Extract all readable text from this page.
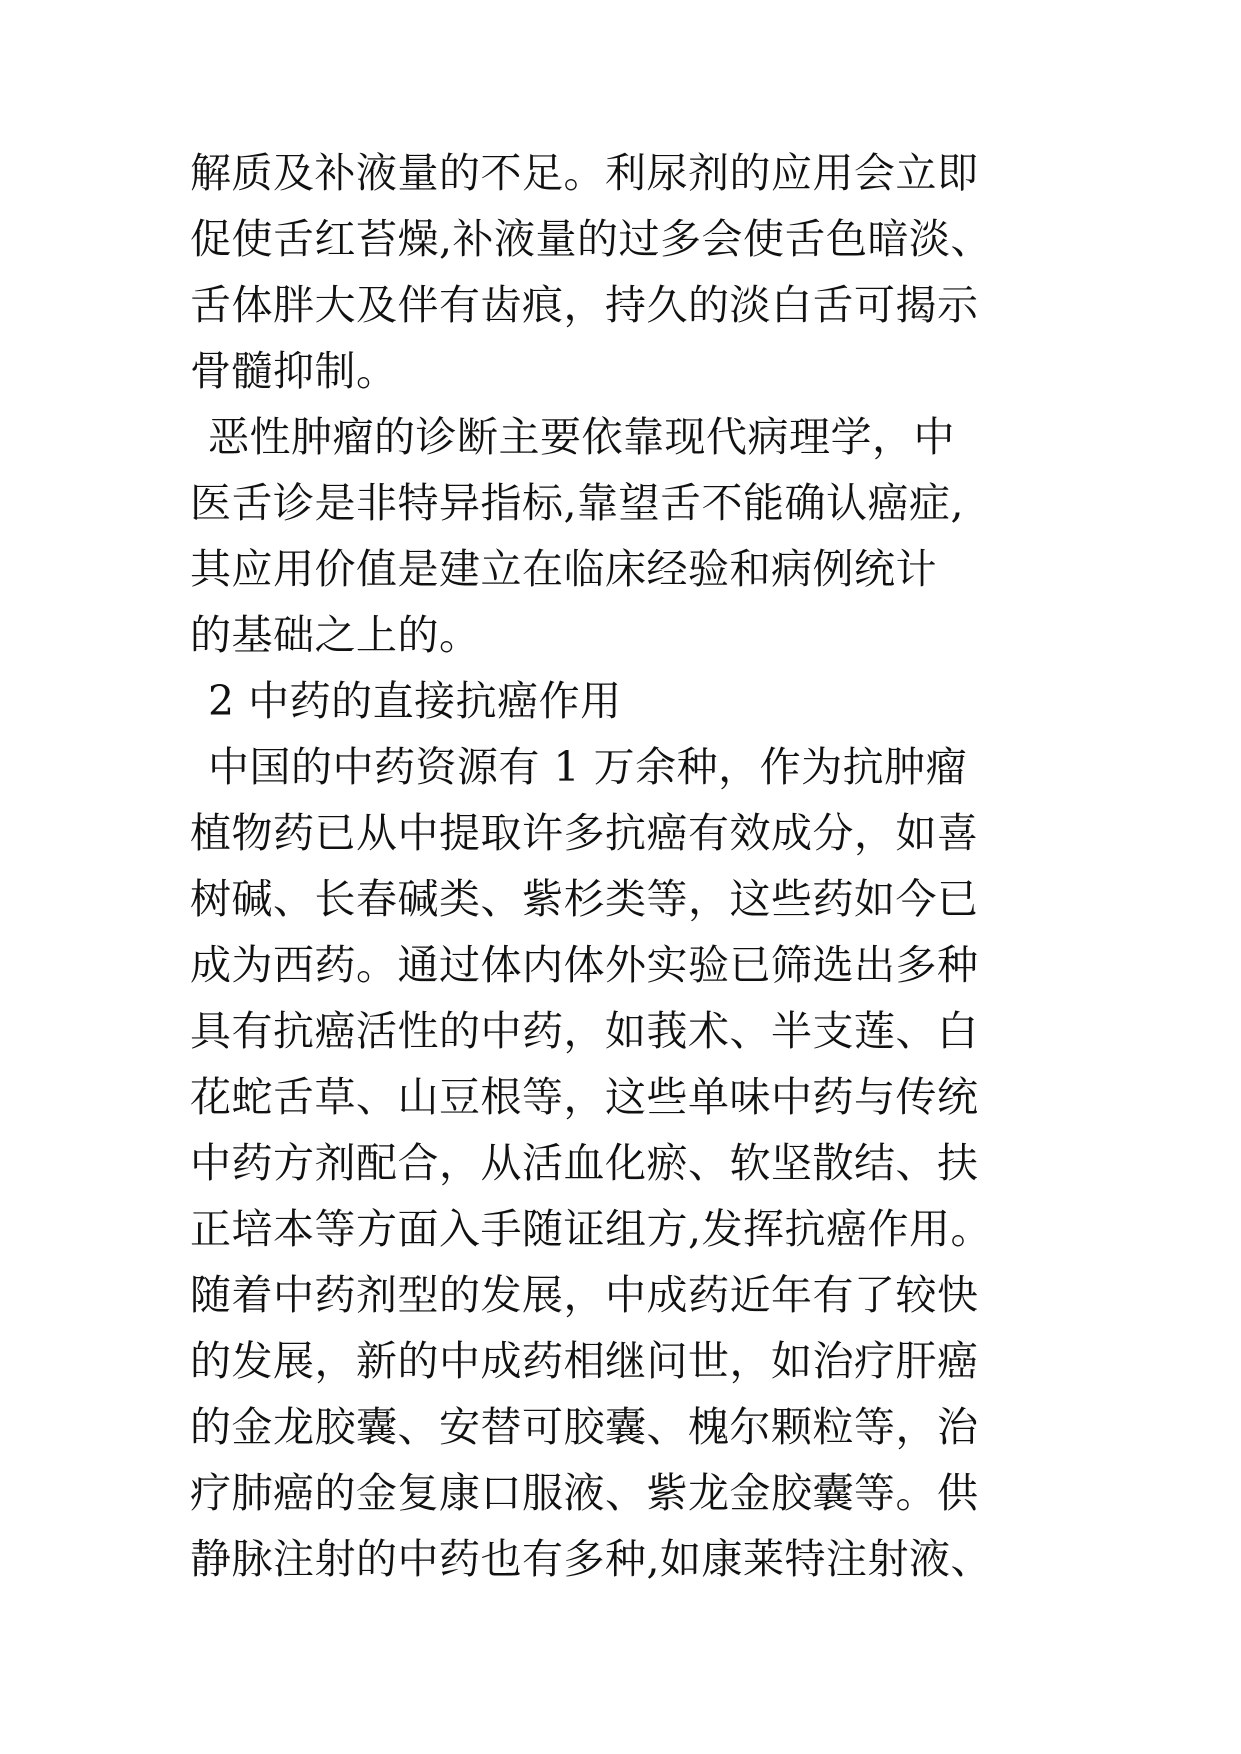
解质及补液量的不足。利尿剂的应用会立即
促使舌红苔燥,补液量的过多会使舌色暗淡、
舌体胖大及伴有齿痕，持久的淡白舌可揭示
骨髓抑制。
恶性肿瘤的诊断主要依靠现代病理学，中
医舌诊是非特异指标,靠望舌不能确认癌症,
其应用价值是建立在临床经验和病例统计
的基础之上的。
2 中药的直接抗癌作用
中国的中药资源有 1 万余种，作为抗肿瘤
植物药已从中提取许多抗癌有效成分，如喜
树碱、长春碱类、紫杉类等，这些药如今已
成为西药。通过体内体外实验已筛选出多种
具有抗癌活性的中药，如莪术、半支莲、白
花蛇舌草、山豆根等，这些单味中药与传统
中药方剂配合，从活血化瘀、软坚散结、扶
正培本等方面入手随证组方,发挥抗癌作用。
随着中药剂型的发展，中成药近年有了较快
的发展，新的中成药相继问世，如治疗肝癌
的金龙胶囊、安替可胶囊、槐尔颗粒等，治
疗肺癌的金复康口服液、紫龙金胶囊等。供
静脉注射的中药也有多种,如康莱特注射液、
